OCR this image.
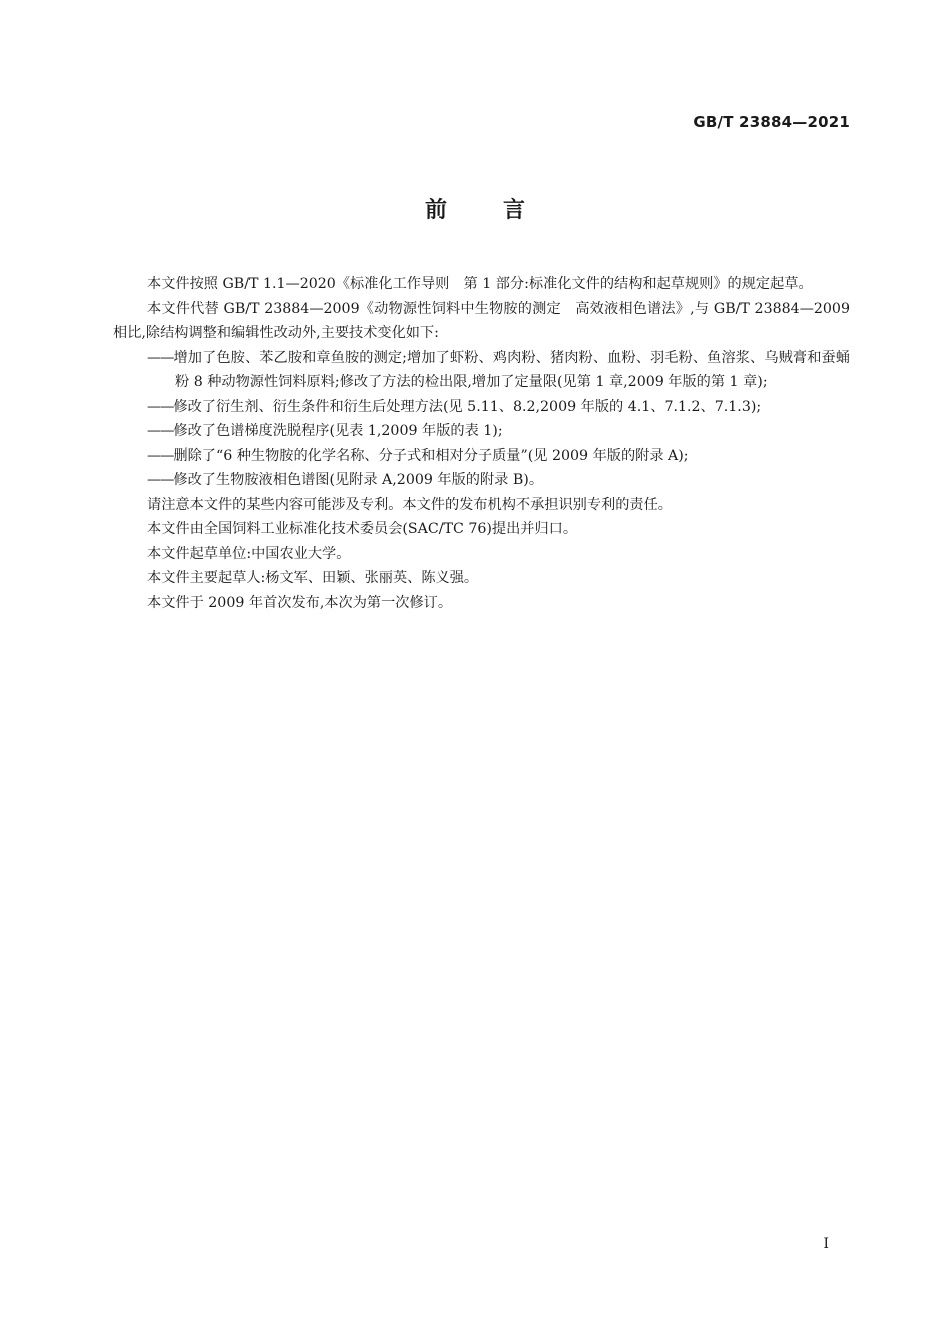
GB/T 23884—2021
前	言

本文件按照 GB/T 1.1—2020《标准化工作导则　第 1 部分:标准化文件的结构和起草规则》的规定起草。

本文件代替 GB/T 23884—2009《动物源性饲料中生物胺的测定　高效液相色谱法》,与 GB/T 23884—2009 相比,除结构调整和编辑性改动外,主要技术变化如下:

——增加了色胺、苯乙胺和章鱼胺的测定;增加了虾粉、鸡肉粉、猪肉粉、血粉、羽毛粉、鱼溶浆、乌贼膏和蚕蛹粉 8 种动物源性饲料原料;修改了方法的检出限,增加了定量限(见第 1 章,2009 年版的第 1 章);

——修改了衍生剂、衍生条件和衍生后处理方法(见 5.11、8.2,2009 年版的 4.1、7.1.2、7.1.3);

——修改了色谱梯度洗脱程序(见表 1,2009 年版的表 1);

——删除了“6 种生物胺的化学名称、分子式和相对分子质量”(见 2009 年版的附录 A);

——修改了生物胺液相色谱图(见附录 A,2009 年版的附录 B)。

请注意本文件的某些内容可能涉及专利。本文件的发布机构不承担识别专利的责任。

本文件由全国饲料工业标准化技术委员会(SAC/TC 76)提出并归口。

本文件起草单位:中国农业大学。

本文件主要起草人:杨文军、田颖、张丽英、陈义强。

本文件于 2009 年首次发布,本次为第一次修订。

I
